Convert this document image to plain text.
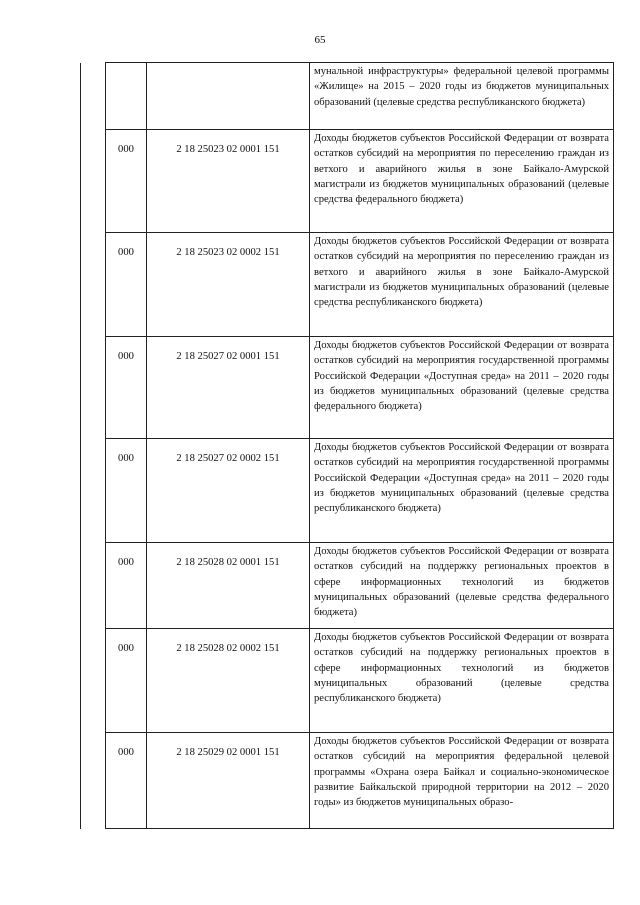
65
			мунальной инфраструктуры» федеральной целевой программы «Жилище» на 2015 – 2020 годы из бюджетов муниципальных образований (целевые средства республиканского бюджета)
	000	2 18 25023 02 0001 151	Доходы бюджетов субъектов Российской Федерации от возврата остатков субсидий на мероприятия по переселению граждан из ветхого и аварийного жилья в зоне Байкало-Амурской магистрали из бюджетов муниципальных образований (целевые средства федерального бюджета)
	000	2 18 25023 02 0002 151	Доходы бюджетов субъектов Российской Федерации от возврата остатков субсидий на мероприятия по переселению граждан из ветхого и аварийного жилья в зоне Байкало-Амурской магистрали из бюджетов муниципальных образований (целевые средства республиканского бюджета)
	000	2 18 25027 02 0001 151	Доходы бюджетов субъектов Российской Федерации от возврата остатков субсидий на мероприятия государственной программы Российской Федерации «Доступная среда» на 2011 – 2020 годы из бюджетов муниципальных образований (целевые средства федерального бюджета)
	000	2 18 25027 02 0002 151	Доходы бюджетов субъектов Российской Федерации от возврата остатков субсидий на мероприятия государственной программы Российской Федерации «Доступная среда» на 2011 – 2020 годы из бюджетов муниципальных образований (целевые средства республиканского бюджета)
	000	2 18 25028 02 0001 151	Доходы бюджетов субъектов Российской Федерации от возврата остатков субсидий на поддержку региональных проектов в сфере информационных технологий из бюджетов муниципальных образований (целевые средства федерального бюджета)
	000	2 18 25028 02 0002 151	Доходы бюджетов субъектов Российской Федерации от возврата остатков субсидий на поддержку региональных проектов в сфере информационных технологий из бюджетов муниципальных образований (целевые средства республиканского бюджета)
	000	2 18 25029 02 0001 151	Доходы бюджетов субъектов Российской Федерации от возврата остатков субсидий на мероприятия федеральной целевой программы «Охрана озера Байкал и социально-экономическое развитие Байкальской природной территории на 2012 – 2020 годы» из бюджетов муниципальных образо-
